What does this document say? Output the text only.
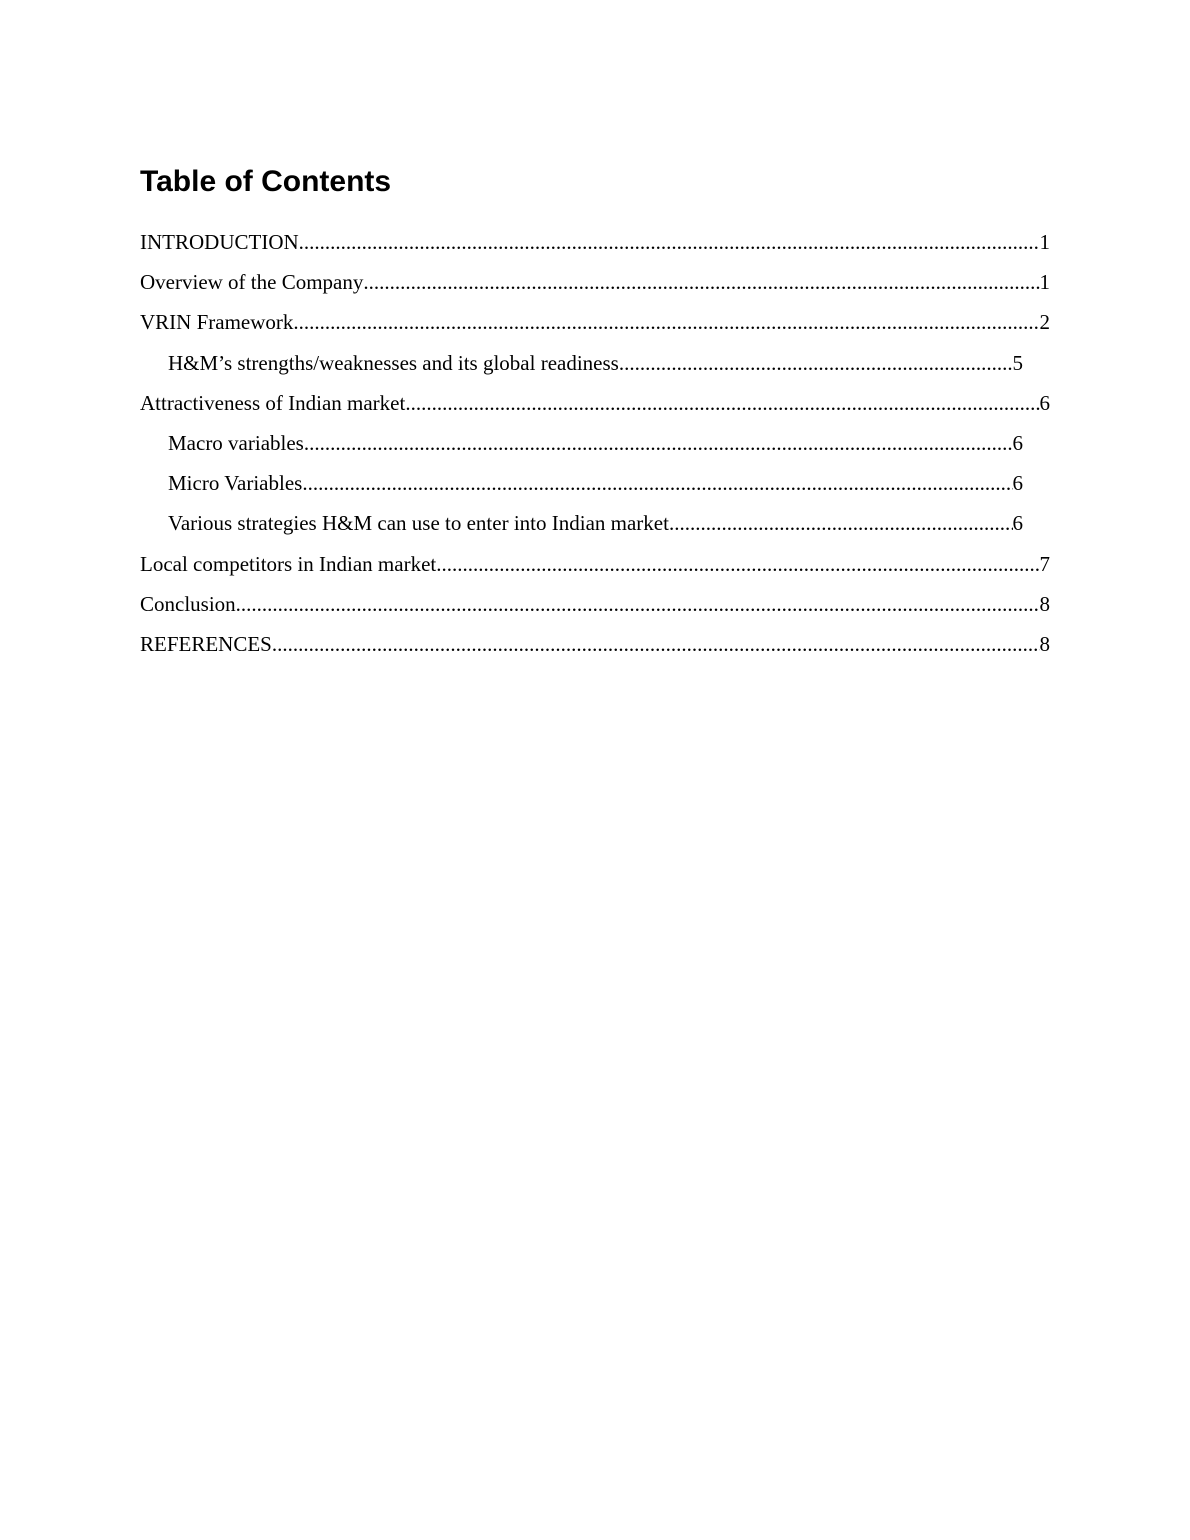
Table of Contents
INTRODUCTION .....	1
Overview of the Company .....	1
VRIN Framework .....	2
H&M’s strengths/weaknesses and its global readiness .....	5
Attractiveness of Indian market .....	6
Macro variables .....	6
Micro Variables .....	6
Various strategies H&M can use to enter into Indian market .....	6
Local competitors in Indian market .....	7
Conclusion .....	8
REFERENCES .....	8
